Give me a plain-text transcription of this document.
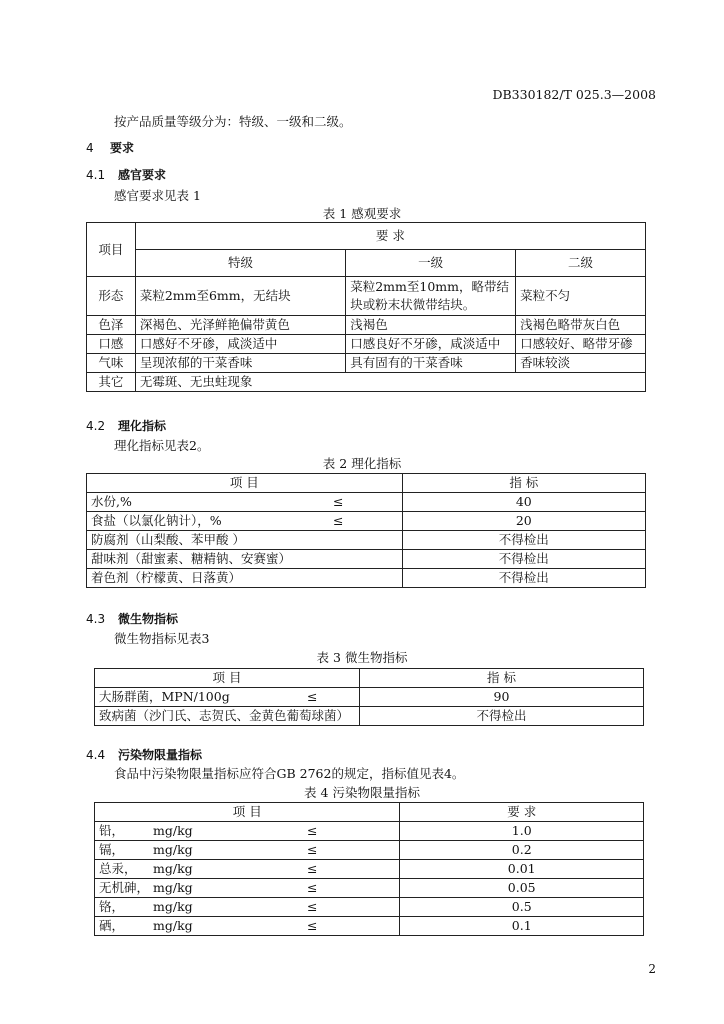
DB330182/T 025.3—2008
按产品质量等级分为：特级、一级和二级。
4 要求
4.1 感官要求
感官要求见表 1
表 1 感观要求
项目	要 求		
	特级	一级	二级
形态	菜粒2mm至6mm，无结块	菜粒2mm至10mm，略带结块或粉末状微带结块。	菜粒不匀
色泽	深褐色、光泽鲜艳偏带黄色	浅褐色	浅褐色略带灰白色
口感	口感好不牙碜，咸淡适中	口感良好不牙碜，咸淡适中	口感较好、略带牙碜
气味	呈现浓郁的干菜香味	具有固有的干菜香味	香味较淡
其它	无霉斑、无虫蛀现象		
4.2 理化指标
理化指标见表2。
表 2 理化指标
项 目	指 标
水份,% ≤	40
食盐（以氯化钠计），% ≤	20
防腐剂（山梨酸、苯甲酸 ）	不得检出
甜味剂（甜蜜素、糖精钠、安赛蜜）	不得检出
着色剂（柠檬黄、日落黄）	不得检出
4.3 微生物指标
微生物指标见表3
表 3 微生物指标
项 目	指 标
大肠群菌，MPN/100g ≤	90
致病菌（沙门氏、志贺氏、金黄色葡萄球菌）	不得检出
4.4 污染物限量指标
食品中污染物限量指标应符合GB 2762的规定，指标值见表4。
表 4 污染物限量指标
项 目	要 求
铅， mg/kg ≤	1.0
镉， mg/kg ≤	0.2
总汞， mg/kg ≤	0.01
无机砷， mg/kg ≤	0.05
铬， mg/kg ≤	0.5
硒， mg/kg ≤	0.1
2
